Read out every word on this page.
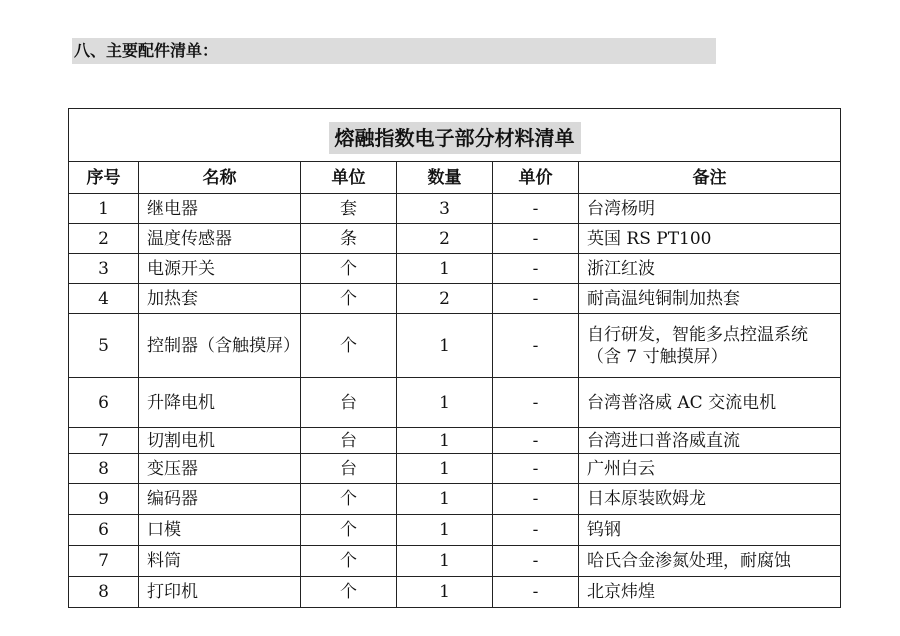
八、主要配件清单：
熔融指数电子部分材料清单					
序号	名称	单位	数量	单价	备注
1	继电器	套	3	-	台湾杨明
2	温度传感器	条	2	-	英国 RS PT100
3	电源开关	个	1	-	浙江红波
4	加热套	个	2	-	耐高温纯铜制加热套
5	控制器（含触摸屏）	个	1	-	自行研发，智能多点控温系统（含 7 寸触摸屏）
6	升降电机	台	1	-	台湾普洛威 AC 交流电机
7	切割电机	台	1	-	台湾进口普洛威直流
8	变压器	台	1	-	广州白云
9	编码器	个	1	-	日本原装欧姆龙
6	口模	个	1	-	钨钢
7	料筒	个	1	-	哈氏合金渗氮处理，耐腐蚀
8	打印机	个	1	-	北京炜煌
